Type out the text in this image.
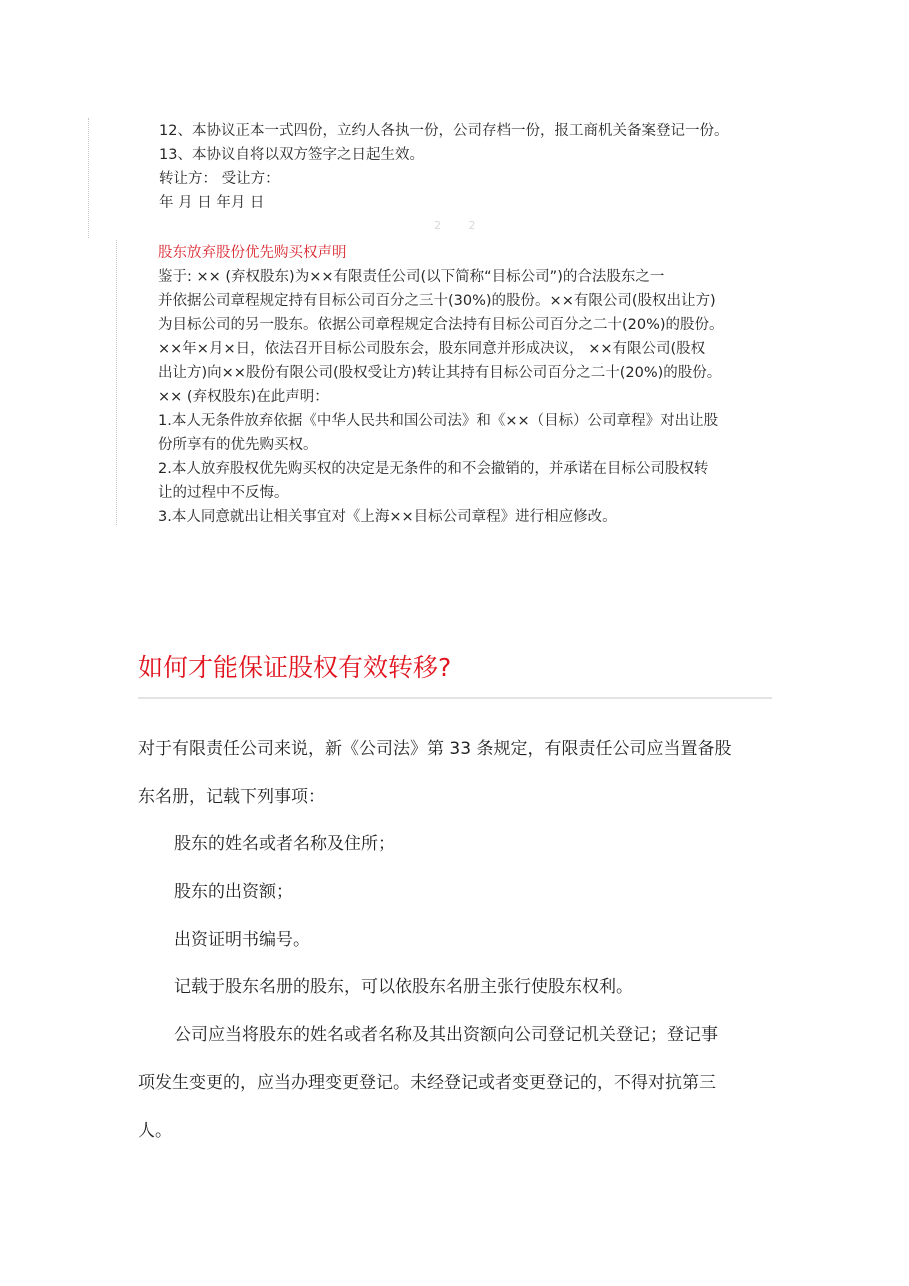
12、本协议正本一式四份，立约人各执一份，公司存档一份，报工商机关备案登记一份。
13、本协议自将以双方签字之日起生效。
转让方： 受让方：
年 月 日 年月 日
2 2
股东放弃股份优先购买权声明
鉴于: ×× (弃权股东)为××有限责任公司(以下简称“目标公司”)的合法股东之一
并依据公司章程规定持有目标公司百分之三十(30%)的股份。××有限公司(股权出让方)
为目标公司的另一股东。依据公司章程规定合法持有目标公司百分之二十(20%)的股份。
××年×月×日，依法召开目标公司股东会，股东同意并形成决议， ××有限公司(股权
出让方)向××股份有限公司(股权受让方)转让其持有目标公司百分之二十(20%)的股份。
×× (弃权股东)在此声明：
1.本人无条件放弃依据《中华人民共和国公司法》和《××（目标）公司章程》对出让股
份所享有的优先购买权。
2.本人放弃股权优先购买权的决定是无条件的和不会撤销的，并承诺在目标公司股权转
让的过程中不反悔。
3.本人同意就出让相关事宜对《上海××目标公司章程》进行相应修改。
如何才能保证股权有效转移?

对于有限责任公司来说，新《公司法》第 33 条规定，有限责任公司应当置备股

东名册，记载下列事项：

股东的姓名或者名称及住所；

股东的出资额；

出资证明书编号。

记载于股东名册的股东，可以依股东名册主张行使股东权利。

公司应当将股东的姓名或者名称及其出资额向公司登记机关登记；登记事

项发生变更的，应当办理变更登记。未经登记或者变更登记的，不得对抗第三

人。
